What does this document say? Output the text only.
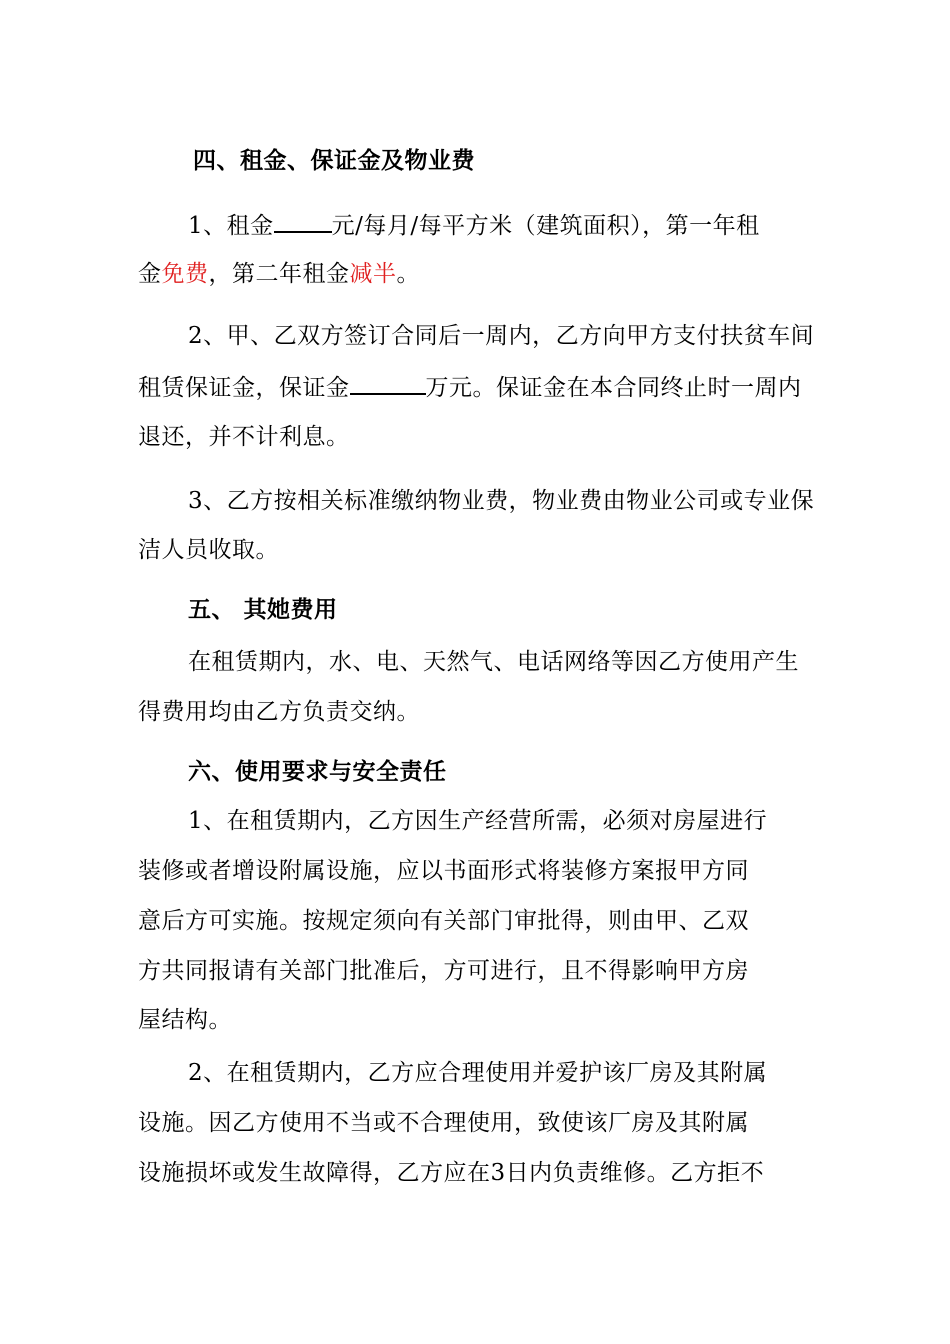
四、租金、保证金及物业费
1、租金	元/每月/每平方米（建筑面积），第一年租
金免费，第二年租金减半。
2、甲、乙双方签订合同后一周内，乙方向甲方支付扶贫车间
租赁保证金，保证金	万元。保证金在本合同终止时一周内
退还，并不计利息。
3、乙方按相关标准缴纳物业费，物业费由物业公司或专业保
洁人员收取。
五、 其她费用
在租赁期内，水、电、天然气、电话网络等因乙方使用产生
得费用均由乙方负责交纳。
六、使用要求与安全责任
1、在租赁期内，乙方因生产经营所需，必须对房屋进行
装修或者增设附属设施，应以书面形式将装修方案报甲方同
意后方可实施。按规定须向有关部门审批得，则由甲、乙双
方共同报请有关部门批准后，方可进行，且不得影响甲方房
屋结构。
2、在租赁期内，乙方应合理使用并爱护该厂房及其附属
设施。因乙方使用不当或不合理使用，致使该厂房及其附属
设施损坏或发生故障得，乙方应在3日内负责维修。乙方拒不
